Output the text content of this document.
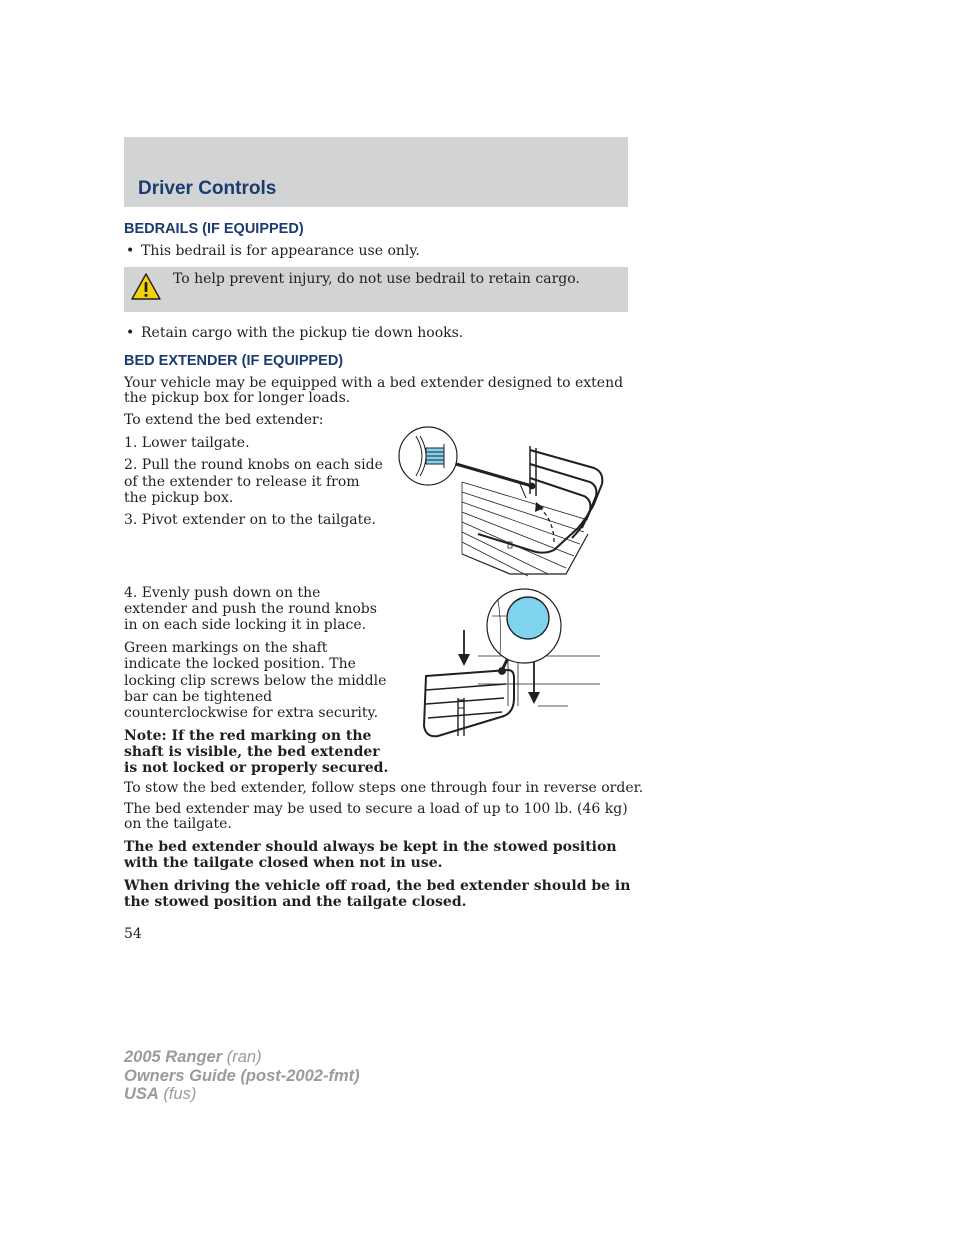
Driver Controls
BEDRAILS (IF EQUIPPED)
• This bedrail is for appearance use only.
To help prevent injury, do not use bedrail to retain cargo.
• Retain cargo with the pickup tie down hooks.
BED EXTENDER (IF EQUIPPED)
Your vehicle may be equipped with a bed extender designed to extend
the pickup box for longer loads.
To extend the bed extender:
1. Lower tailgate.
2. Pull the round knobs on each side
of the extender to release it from
the pickup box.
3. Pivot extender on to the tailgate.
4. Evenly push down on the
extender and push the round knobs
in on each side locking it in place.
Green markings on the shaft
indicate the locked position. The
locking clip screws below the middle
bar can be tightened
counterclockwise for extra security.
Note: If the red marking on the
shaft is visible, the bed extender
is not locked or properly secured.
To stow the bed extender, follow steps one through four in reverse order.
The bed extender may be used to secure a load of up to 100 lb. (46 kg)
on the tailgate.
The bed extender should always be kept in the stowed position
with the tailgate closed when not in use.
When driving the vehicle off road, the bed extender should be in
the stowed position and the tailgate closed.
54
2005 Ranger (ran)
Owners Guide (post-2002-fmt)
USA (fus)
